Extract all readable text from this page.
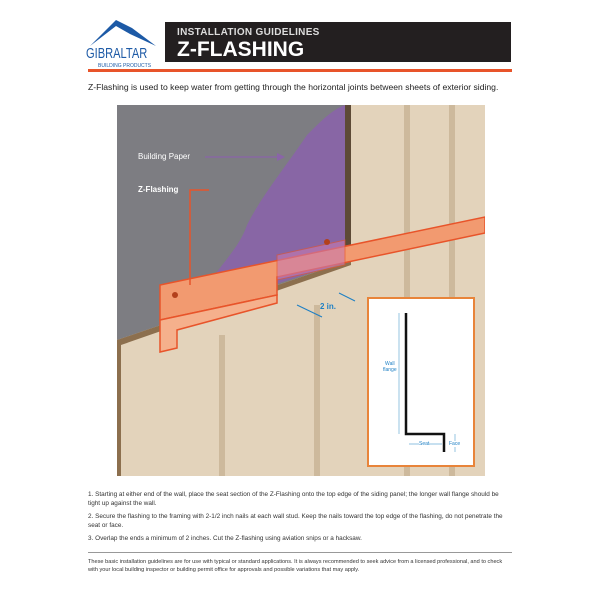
GIBRALTAR
BUILDING PRODUCTS
INSTALLATION GUIDELINES
Z-FLASHING
Z-Flashing is used to keep water from getting through the horizontal joints between sheets of exterior siding.
Building Paper
Z-Flashing
2 in.
Wall
flange
Seat	Face
1. Starting at either end of the wall, place the seat section of the Z-Flashing onto the top edge of the siding panel; the longer wall flange should be tight up against the wall.
2. Secure the flashing to the framing with 2-1/2 inch nails at each wall stud. Keep the nails toward the top edge of the flashing, do not penetrate the seat or face.
3. Overlap the ends a minimum of 2 inches. Cut the Z-flashing using aviation snips or a hacksaw.
These basic installation guidelines are for use with typical or standard applications. It is always recommended to seek advice from a licensed professional, and to check with your local building inspector or building permit office for approvals and possible variations that may apply.
